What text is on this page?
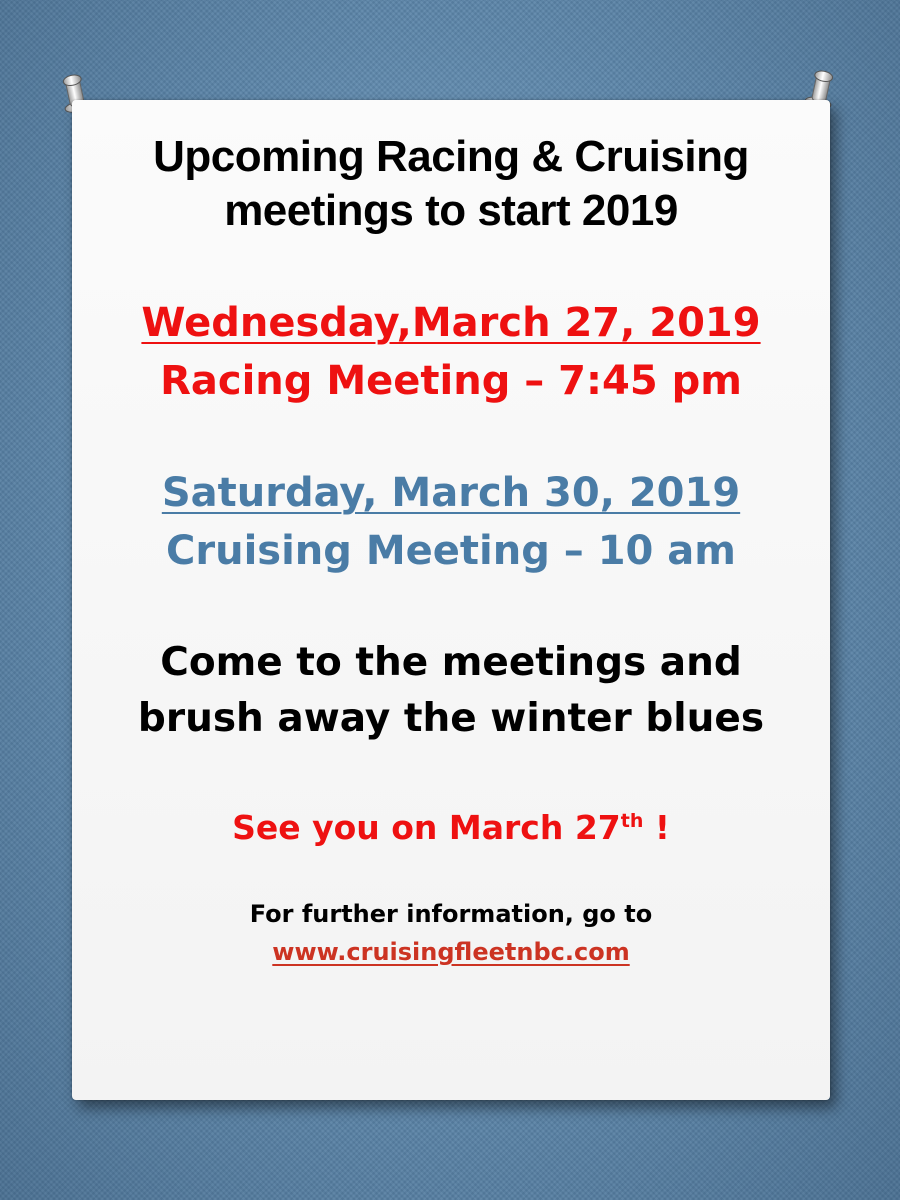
Upcoming Racing & Cruising

meetings to start 2019

Wednesday,March 27, 2019

Racing Meeting – 7:45 pm

Saturday, March 30, 2019

Cruising Meeting – 10 am

Come to the meetings and

brush away the winter blues

See you on March 27th !

For further information, go to

www.cruisingfleetnbc.com
